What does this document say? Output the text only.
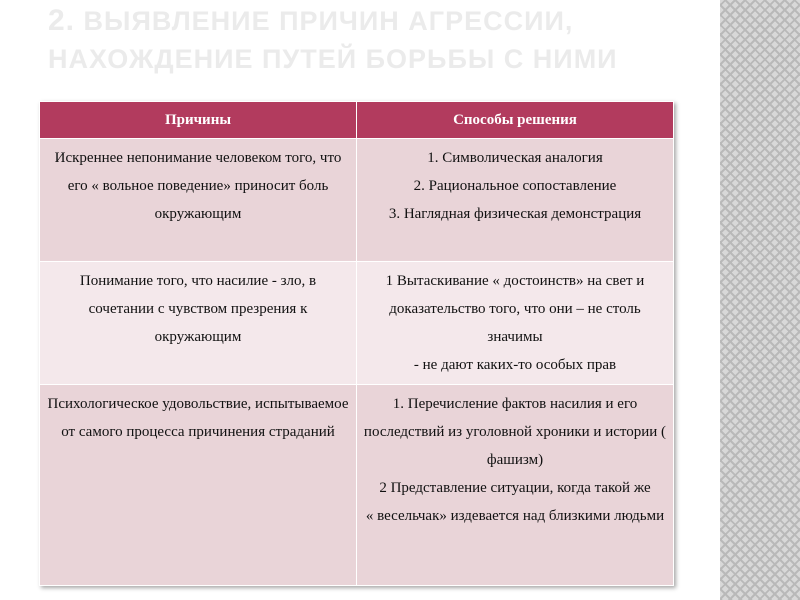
2. ВЫЯВЛЕНИЕ ПРИЧИН АГРЕССИИ, НАХОЖДЕНИЕ ПУТЕЙ БОРЬБЫ С НИМИ
Причины	Способы решения
Искреннее непонимание человеком того, что его « вольное поведение» приносит боль окружающим	1. Символическая аналогия
2. Рациональное сопоставление
3. Наглядная физическая демонстрация
Понимание того, что насилие - зло, в сочетании с чувством презрения к окружающим	1 Вытаскивание « достоинств» на свет и доказательство того, что они – не столь значимы
- не дают каких-то особых прав
Психологическое удовольствие, испытываемое от самого процесса причинения страданий	1. Перечисление фактов насилия и его последствий из уголовной хроники и истории ( фашизм)
2 Представление ситуации, когда такой же
« весельчак» издевается над близкими людьми
